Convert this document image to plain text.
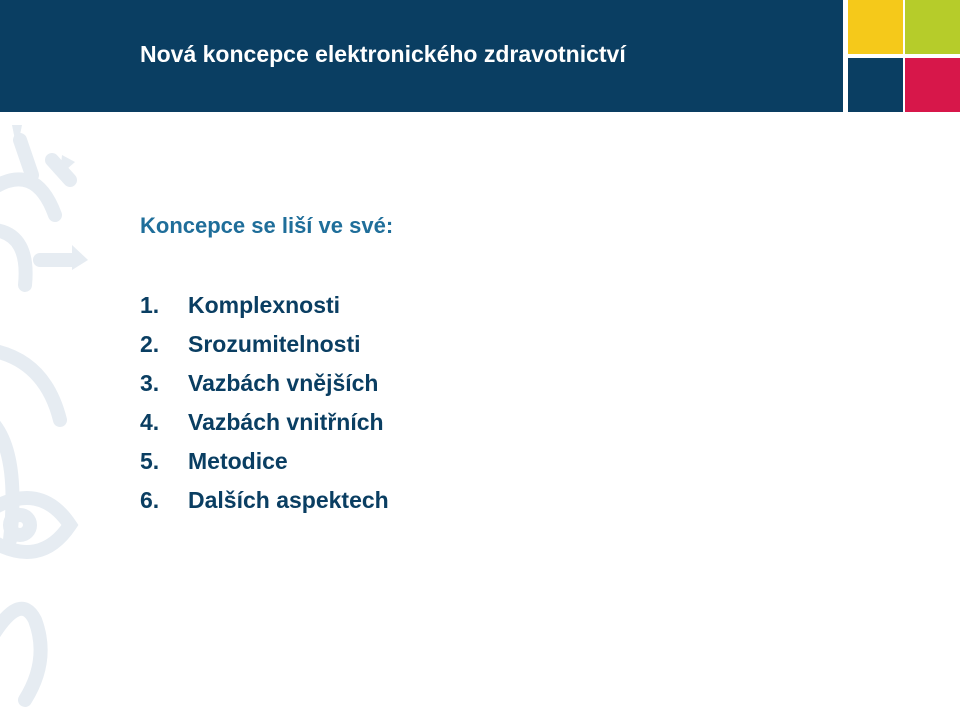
Nová koncepce elektronického zdravotnictví

Koncepce se liší ve své:

1. Komplexnosti
2. Srozumitelnosti
3. Vazbách vnějších
4. Vazbách vnitřních
5. Metodice
6. Dalších aspektech
